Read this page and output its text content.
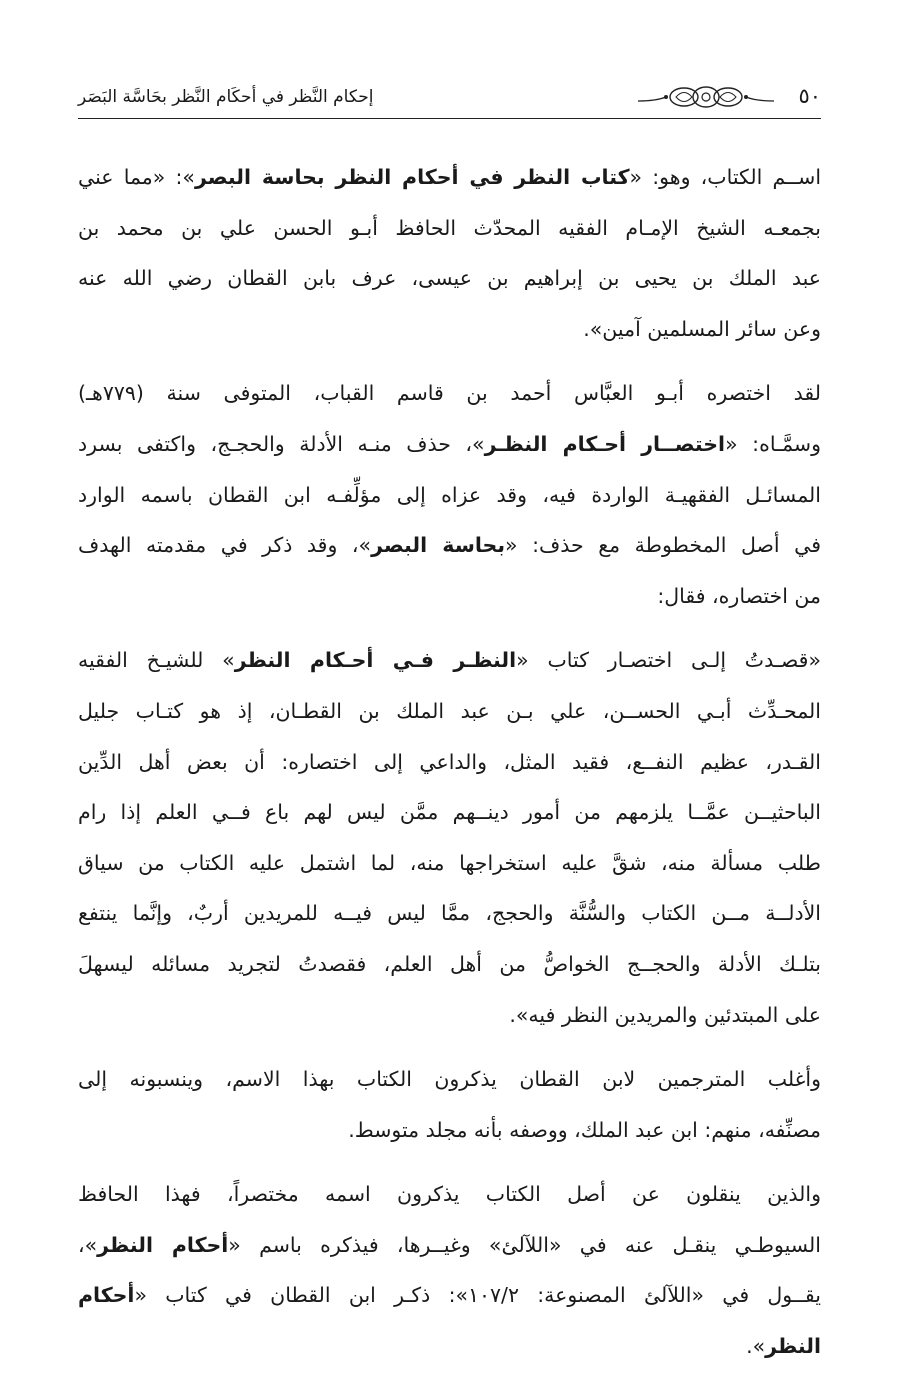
٥٠
إحكام النَّظر في أحكَام النَّظر بحَاسَّة البَصَر

اســم الكتاب، وهو: «كتاب النظر في أحكام النظر بحاسة البصر»: «مما عني
بجمعـه الشيخ الإمـام الفقيه المحدّث الحافظ أبـو الحسن علي بن محمد بن
عبد الملك بن يحيى بن إبراهيم بن عيسى، عرف بابن القطان رضي الله عنه
وعن سائر المسلمين آمين».

لقد اختصره أبـو العبَّاس أحمد بن قاسم القباب، المتوفى سنة (٧٧٩هـ)
وسمَّـاه: «اختصــار أحـكام النظـر»، حذف منـه الأدلة والحجـج، واكتفى بسرد
المسائـل الفقهيـة الواردة فيه، وقد عزاه إلى مؤلِّفـه ابن القطان باسمه الوارد
في أصل المخطوطة مع حذف: «بحاسة البصر»، وقد ذكر في مقدمته الهدف
من اختصاره، فقال:

«قصـدتُ إلـى اختصـار كتاب «النظـر فـي أحـكام النظر» للشيـخ الفقيه
المحـدِّث أبـي الحســن، علي بـن عبد الملك بن القطـان، إذ هو كتـاب جليل
القـدر، عظيم النفــع، فقيد المثل، والداعي إلى اختصاره: أن بعض أهل الدِّين
الباحثيــن عمَّــا يلزمهم من أمور دينــهم ممَّن ليس لهم باع فــي العلم إذا رام
طلب مسألة منه، شقَّ عليه استخراجها منه، لما اشتمل عليه الكتاب من سياق
الأدلــة مــن الكتاب والسُّنَّة والحجج، ممَّا ليس فيــه للمريدين أربٌ، وإنَّما ينتفع
بتلـك الأدلة والحجــج الخواصُّ من أهل العلم، فقصدتُ لتجريد مسائله ليسهلَ
على المبتدئين والمريدين النظر فيه».

وأغلب المترجمين لابن القطان يذكرون الكتاب بهذا الاسم، وينسبونه إلى
مصنِّفه، منهم: ابن عبد الملك، ووصفه بأنه مجلد متوسط.

والذين ينقلون عن أصل الكتاب يذكرون اسمه مختصراً، فهذا الحافظ
السيوطـي ينقـل عنه في «اللآلئ» وغيــرها، فيذكره باسم «أحكام النظر»،
يقــول في «اللآلئ المصنوعة: ١٠٧/٢»: ذكـر ابن القطان في كتاب «أحكام
النظر».
